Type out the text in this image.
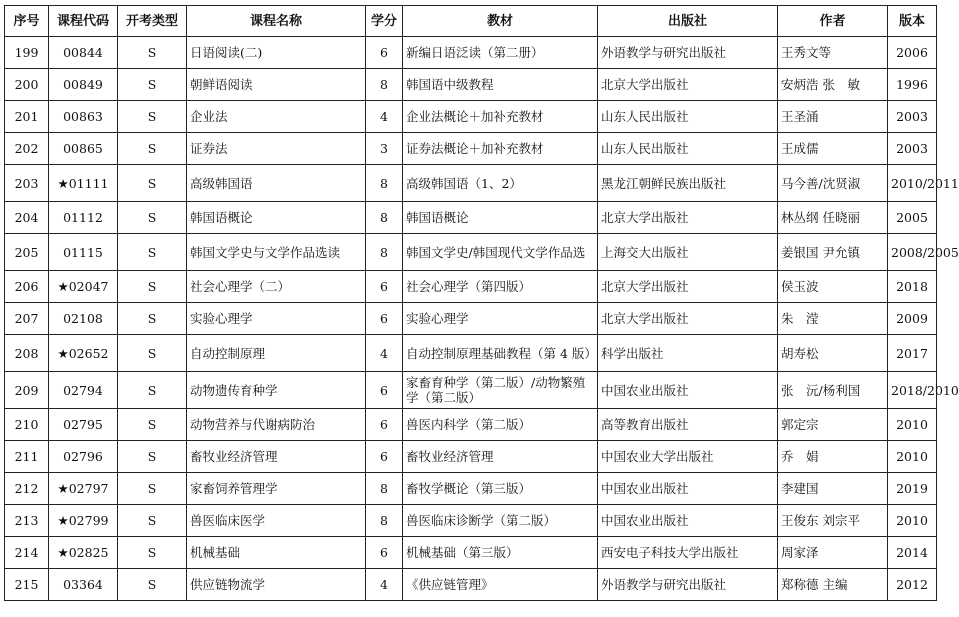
序号	课程代码	开考类型	课程名称	学分	教材	出版社	作者	版本
199	00844	S	日语阅读(二)	6	新编日语泛读（第二册）	外语教学与研究出版社	王秀文等	2006
200	00849	S	朝鲜语阅读	8	韩国语中级教程	北京大学出版社	安炳浩 张　敏	1996
201	00863	S	企业法	4	企业法概论＋加补充教材	山东人民出版社	王圣涌	2003
202	00865	S	证券法	3	证券法概论＋加补充教材	山东人民出版社	王成儒	2003
203	★01111	S	高级韩国语	8	高级韩国语（1、2）	黑龙江朝鲜民族出版社	马今善/沈贤淑	2010/2011
204	01112	S	韩国语概论	8	韩国语概论	北京大学出版社	林丛纲 任晓丽	2005
205	01115	S	韩国文学史与文学作品选读	8	韩国文学史/韩国现代文学作品选	上海交大出版社	姜银国 尹允镇	2008/2005
206	★02047	S	社会心理学（二）	6	社会心理学（第四版）	北京大学出版社	侯玉波	2018
207	02108	S	实验心理学	6	实验心理学	北京大学出版社	朱　滢	2009
208	★02652	S	自动控制原理	4	自动控制原理基础教程（第 4 版）	科学出版社	胡寿松	2017
209	02794	S	动物遗传育种学	6	家畜育种学（第二版）/动物繁殖学（第二版）	中国农业出版社	张　沅/杨利国	2018/2010
210	02795	S	动物营养与代谢病防治	6	兽医内科学（第二版）	高等教育出版社	郭定宗	2010
211	02796	S	畜牧业经济管理	6	畜牧业经济管理	中国农业大学出版社	乔　娟	2010
212	★02797	S	家畜饲养管理学	8	畜牧学概论（第三版）	中国农业出版社	李建国	2019
213	★02799	S	兽医临床医学	8	兽医临床诊断学（第二版）	中国农业出版社	王俊东 刘宗平	2010
214	★02825	S	机械基础	6	机械基础（第三版）	西安电子科技大学出版社	周家泽	2014
215	03364	S	供应链物流学	4	《供应链管理》	外语教学与研究出版社	郑称德 主编	2012
